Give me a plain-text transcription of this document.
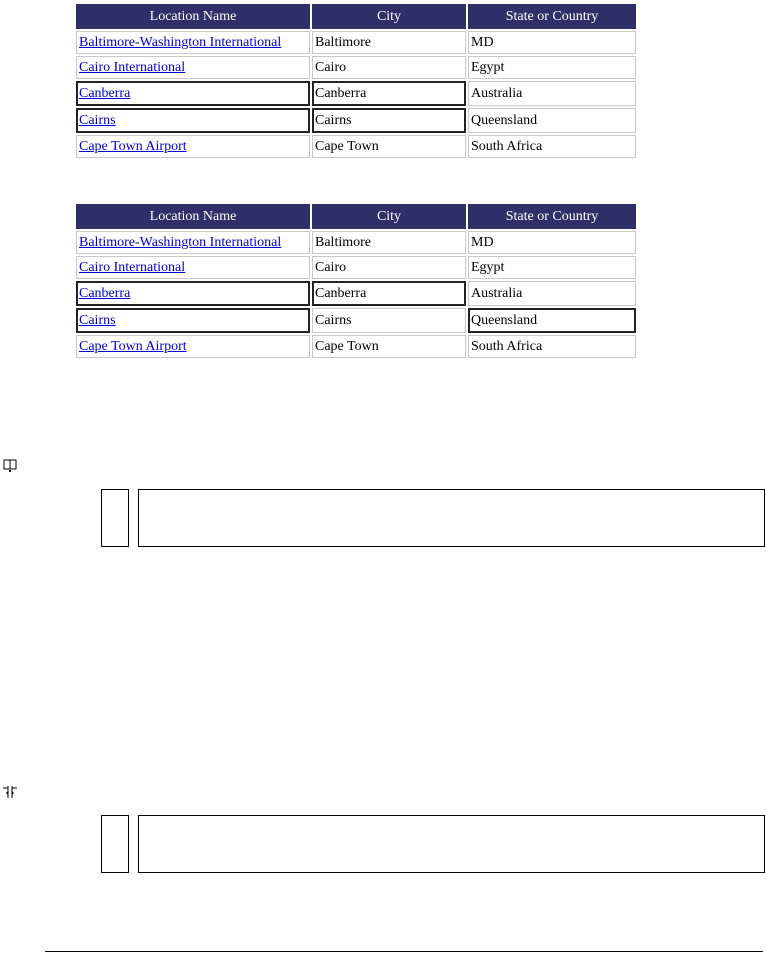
Location Name	City	State or Country
Baltimore-Washington International	Baltimore	MD
Cairo International	Cairo	Egypt
Canberra	Canberra	Australia
Cairns	Cairns	Queensland
Cape Town Airport	Cape Town	South Africa
Location Name	City	State or Country
Baltimore-Washington International	Baltimore	MD
Cairo International	Cairo	Egypt
Canberra	Canberra	Australia
Cairns	Cairns	Queensland
Cape Town Airport	Cape Town	South Africa
